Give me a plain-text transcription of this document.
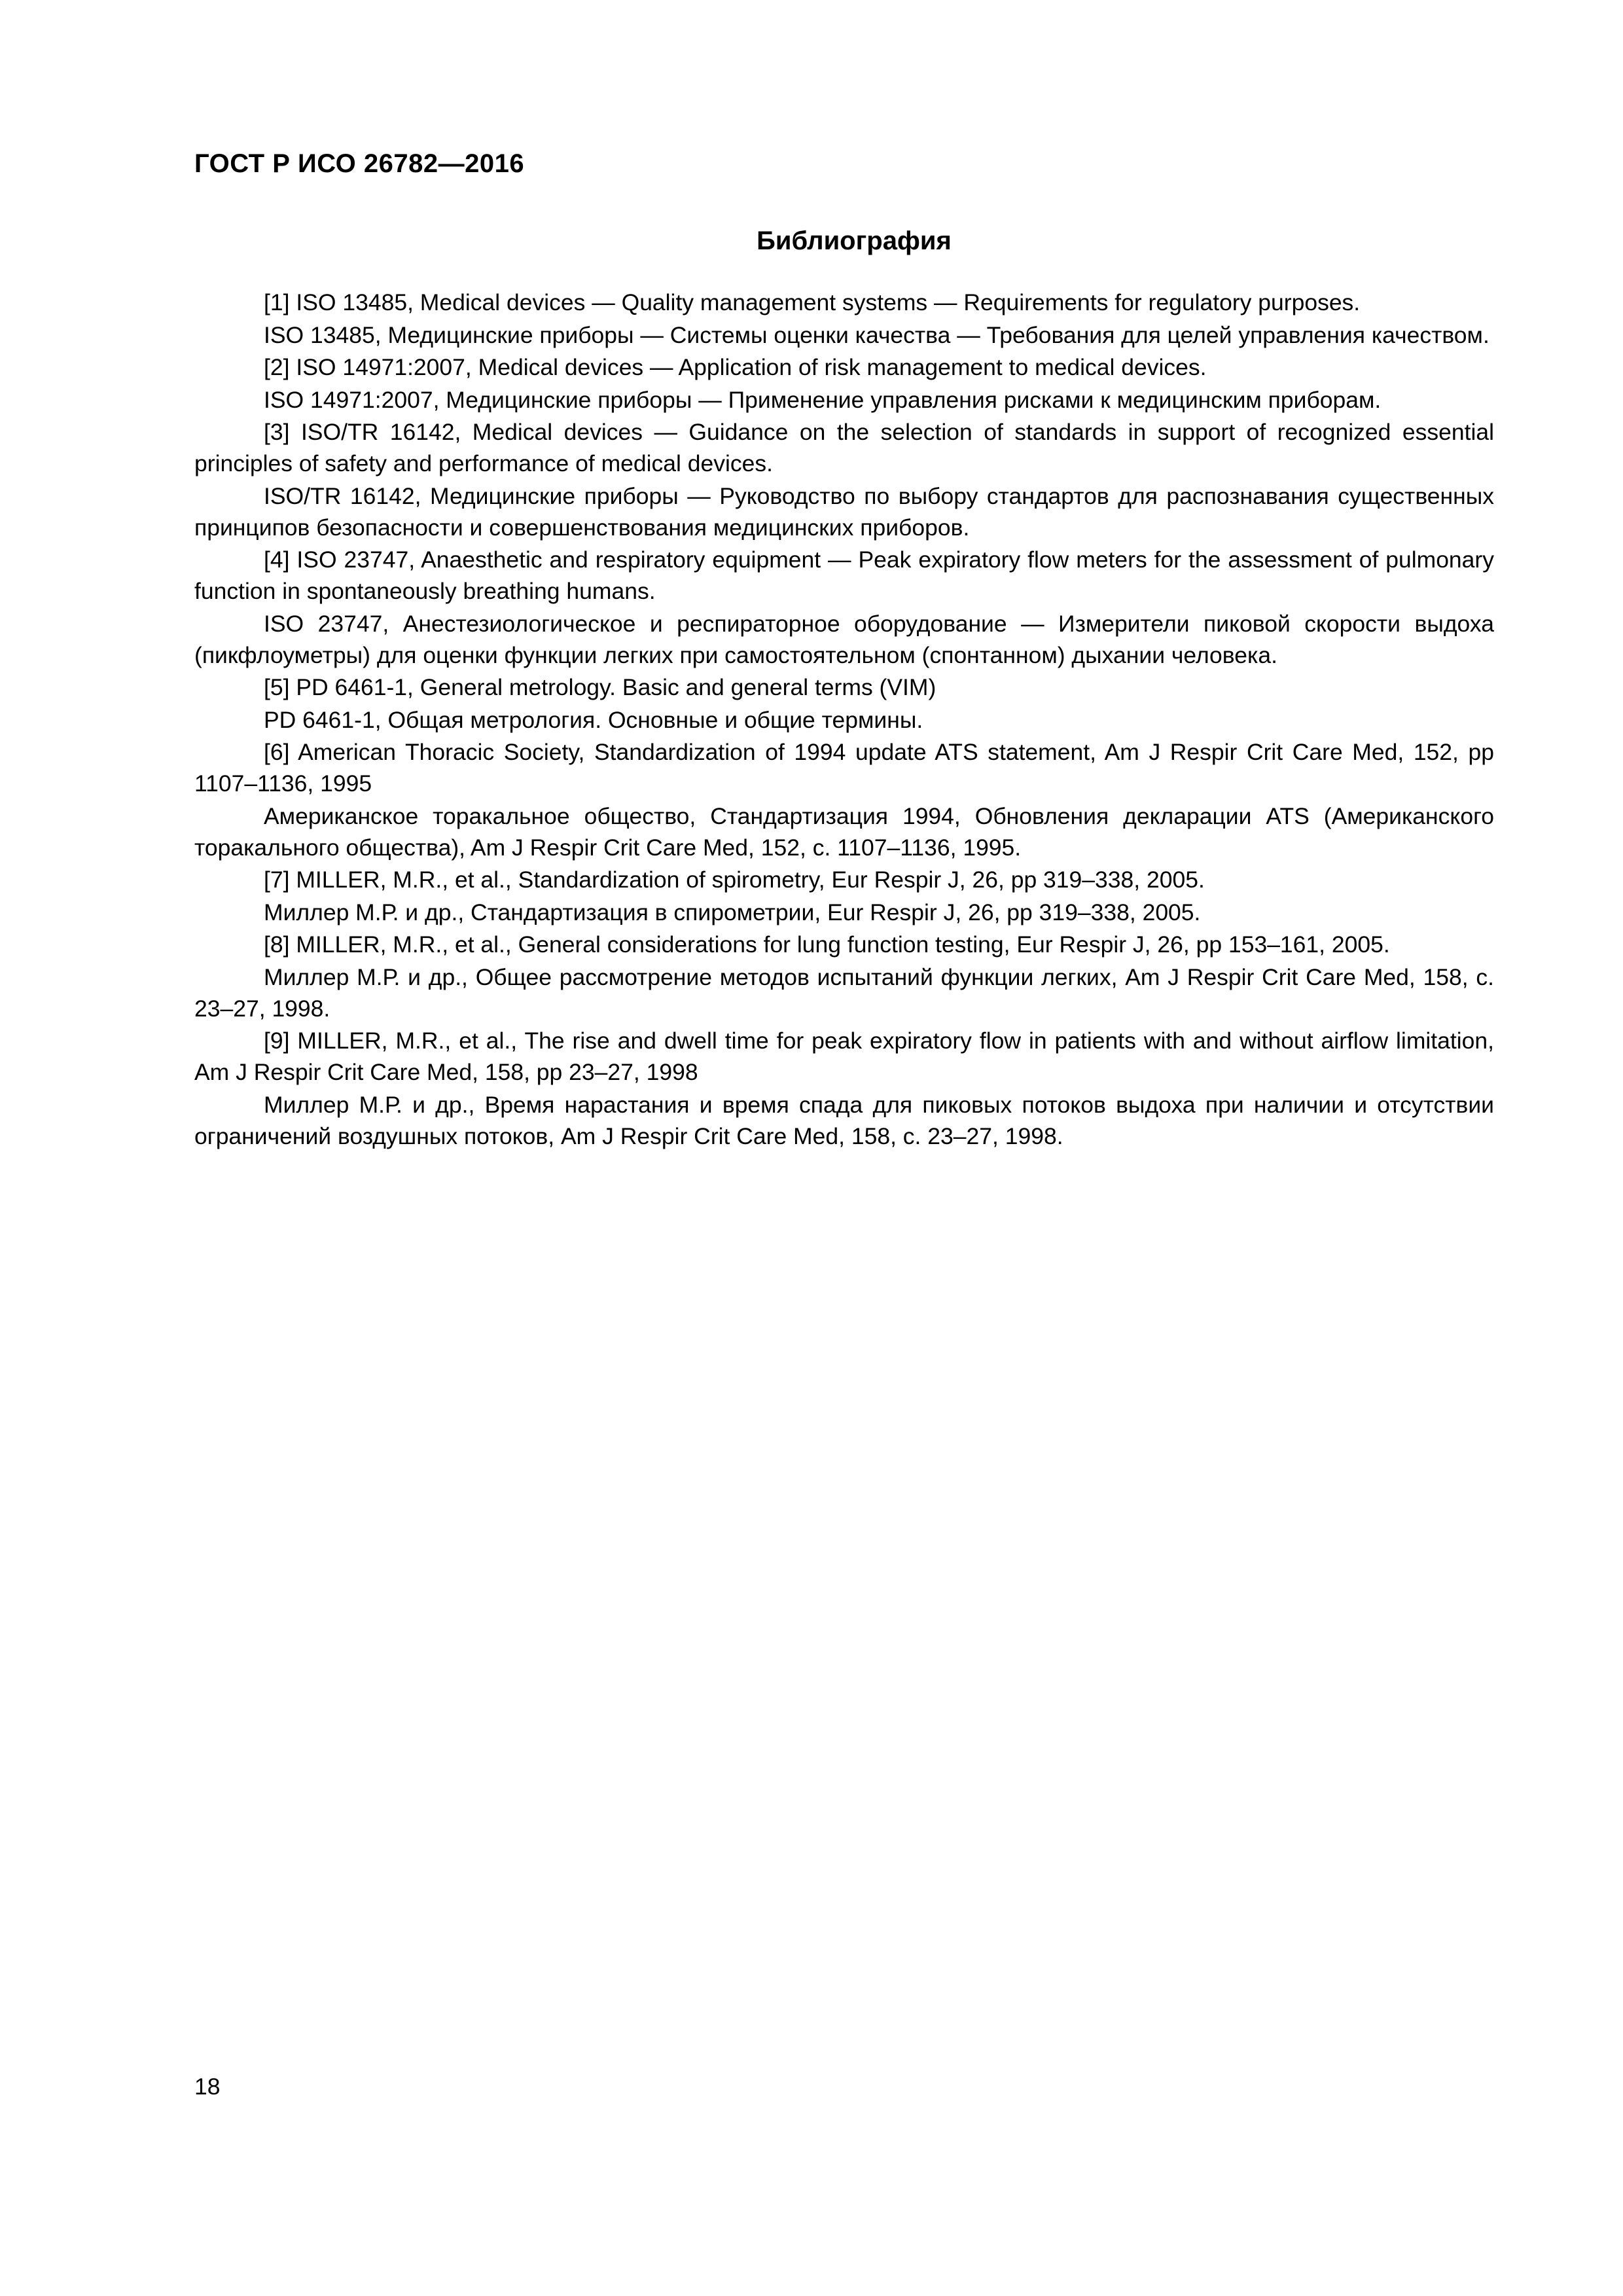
ГОСТ Р ИСО 26782—2016
Библиография

[1] ISO 13485, Medical devices — Quality management systems — Requirements for regulatory purposes.

ISO 13485, Медицинские приборы — Системы оценки качества — Требования для целей управления качеством.

[2] ISO 14971:2007, Medical devices — Application of risk management to medical devices.

ISO 14971:2007, Медицинские приборы — Применение управления рисками к медицинским приборам.

[3] ISO/TR 16142, Medical devices — Guidance on the selection of standards in support of recognized essential principles of safety and performance of medical devices.

ISO/TR 16142, Медицинские приборы — Руководство по выбору стандартов для распознавания существенных принципов безопасности и совершенствования медицинских приборов.

[4] ISO 23747, Anaesthetic and respiratory equipment — Peak expiratory flow meters for the assessment of pulmonary function in spontaneously breathing humans.

ISO 23747, Анестезиологическое и респираторное оборудование — Измерители пиковой скорости выдоха (пикфлоуметры) для оценки функции легких при самостоятельном (спонтанном) дыхании человека.

[5] PD 6461-1, General metrology. Basic and general terms (VIM)

PD 6461-1, Общая метрология. Основные и общие термины.

[6] American Thoracic Society, Standardization of 1994 update ATS statement, Am J Respir Crit Care Med, 152, pp 1107–1136, 1995

Американское торакальное общество, Стандартизация 1994, Обновления декларации ATS (Американского торакального общества), Am J Respir Crit Care Med, 152, c. 1107–1136, 1995.

[7] MILLER, M.R., et al., Standardization of spirometry, Eur Respir J, 26, pp 319–338, 2005.

Миллер М.Р. и др., Стандартизация в спирометрии, Eur Respir J, 26, pp 319–338, 2005.

[8] MILLER, M.R., et al., General considerations for lung function testing, Eur Respir J, 26, pp 153–161, 2005.

Миллер М.Р. и др., Общее рассмотрение методов испытаний функции легких, Am J Respir Crit Care Med, 158, с. 23–27, 1998.

[9] MILLER, M.R., et al., The rise and dwell time for peak expiratory flow in patients with and without airflow limitation, Am J Respir Crit Care Med, 158, pp 23–27, 1998

Миллер М.Р. и др., Время нарастания и время спада для пиковых потоков выдоха при наличии и отсутствии ограничений воздушных потоков, Am J Respir Crit Care Med, 158, с. 23–27, 1998.

18
